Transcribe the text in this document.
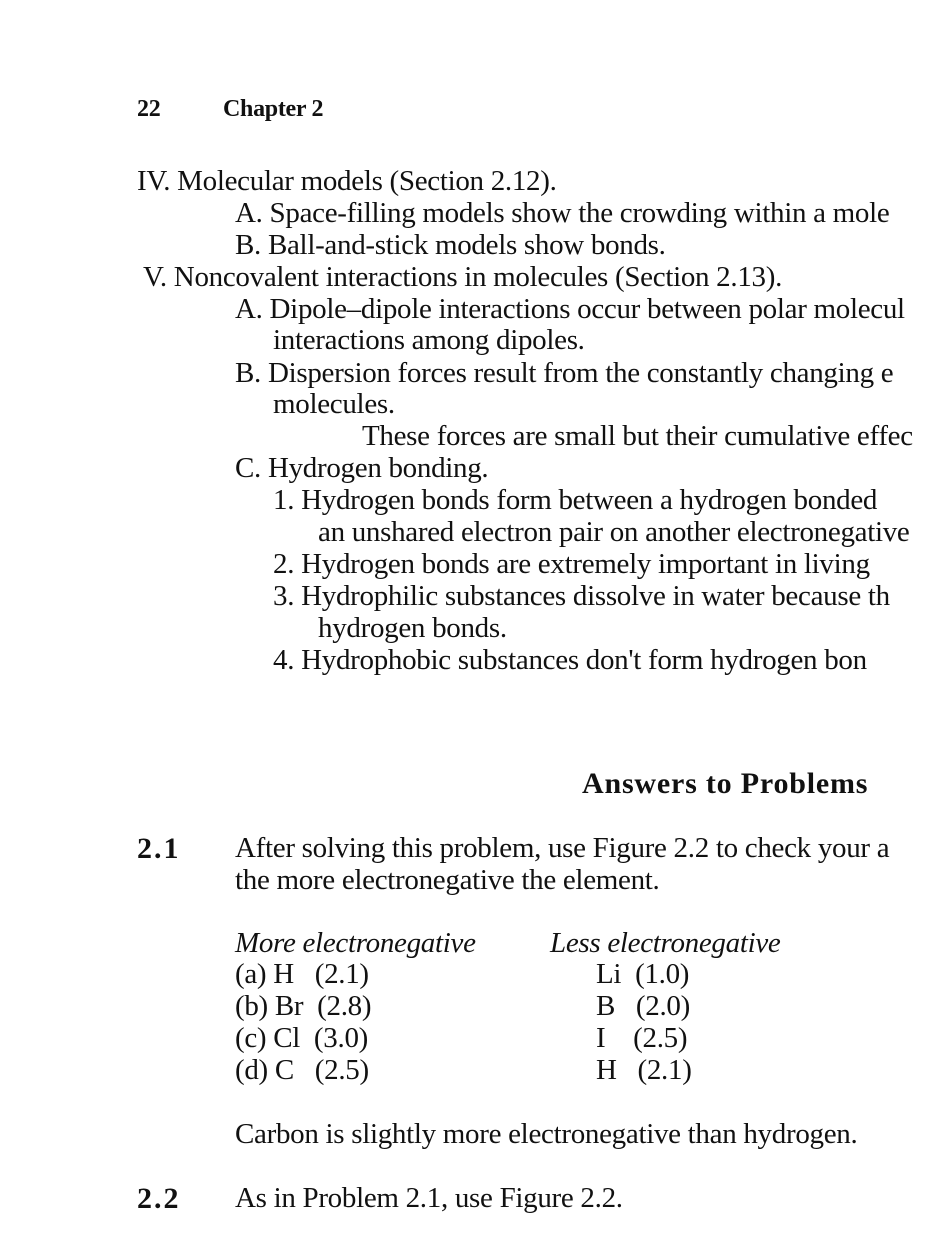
22	Chapter 2
IV. Molecular models (Section 2.12).
A. Space-filling models show the crowding within a mole
B. Ball-and-stick models show bonds.
V. Noncovalent interactions in molecules (Section 2.13).
A. Dipole–dipole interactions occur between polar molecul
interactions among dipoles.
B. Dispersion forces result from the constantly changing e
molecules.
These forces are small but their cumulative effec
C. Hydrogen bonding.
1. Hydrogen bonds form between a hydrogen bonded
an unshared electron pair on another electronegative
2. Hydrogen bonds are extremely important in living
3. Hydrophilic substances dissolve in water because th
hydrogen bonds.
4. Hydrophobic substances don't form hydrogen bon
Answers to Problems
2.1 After solving this problem, use Figure 2.2 to check your a
the more electronegative the element.
More electronegative	Less electronegative
(a) H   (2.1)	Li  (1.0)
(b) Br  (2.8)	B   (2.0)
(c) Cl  (3.0)	I    (2.5)
(d) C   (2.5)	H   (2.1)
Carbon is slightly more electronegative than hydrogen.
2.2 As in Problem 2.1, use Figure 2.2.
